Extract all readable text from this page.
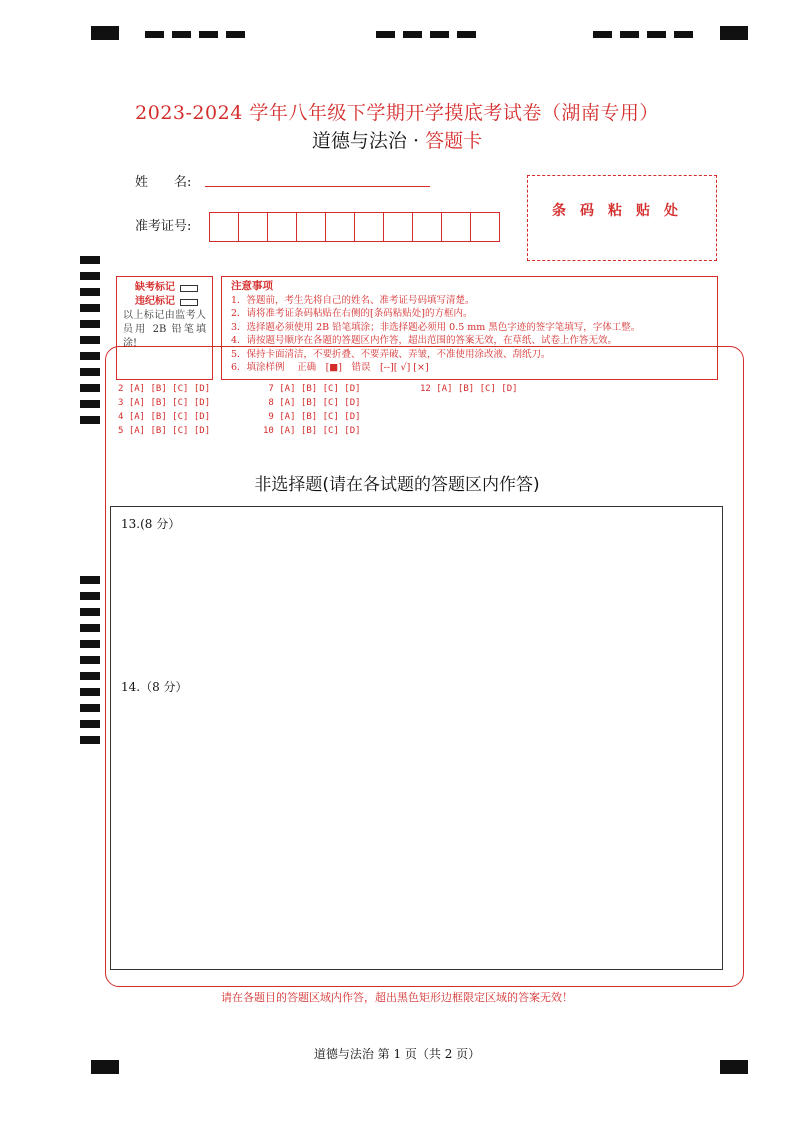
2023-2024 学年八年级下学期开学摸底考试卷（湖南专用）
道德与法治 · 答题卡
姓　　名:
准考证号:
条码粘贴处
缺考标记
违纪标记
以上标记由监考人员用 2B 铅笔填涂!
注意事项
1．答题前，考生先将自己的姓名、准考证号码填写清楚。
2．请将准考证条码粘贴在右侧的[条码粘贴处]的方框内。
3．选择题必须使用 2B 铅笔填涂；非选择题必须用 0.5 mm 黑色字迹的签字笔填写，字体工整。
4．请按题号顺序在各题的答题区内作答，超出范围的答案无效，在草纸、试卷上作答无效。
5．保持卡面清洁，不要折叠、不要弄破、弄皱，不准使用涂改液、刮纸刀。
6．填涂样例　 正确　[■]　错误　[--][ √] [×]
2 [A] [B] [C] [D]	7 [A] [B] [C] [D]	12 [A] [B] [C] [D]
3 [A] [B] [C] [D]	8 [A] [B] [C] [D]
4 [A] [B] [C] [D]	9 [A] [B] [C] [D]
5 [A] [B] [C] [D]	10 [A] [B] [C] [D]
非选择题(请在各试题的答题区内作答)
13.(8 分）
14.（8 分）
请在各题目的答题区域内作答，超出黑色矩形边框限定区域的答案无效！
道德与法治 第 1 页（共 2 页）
